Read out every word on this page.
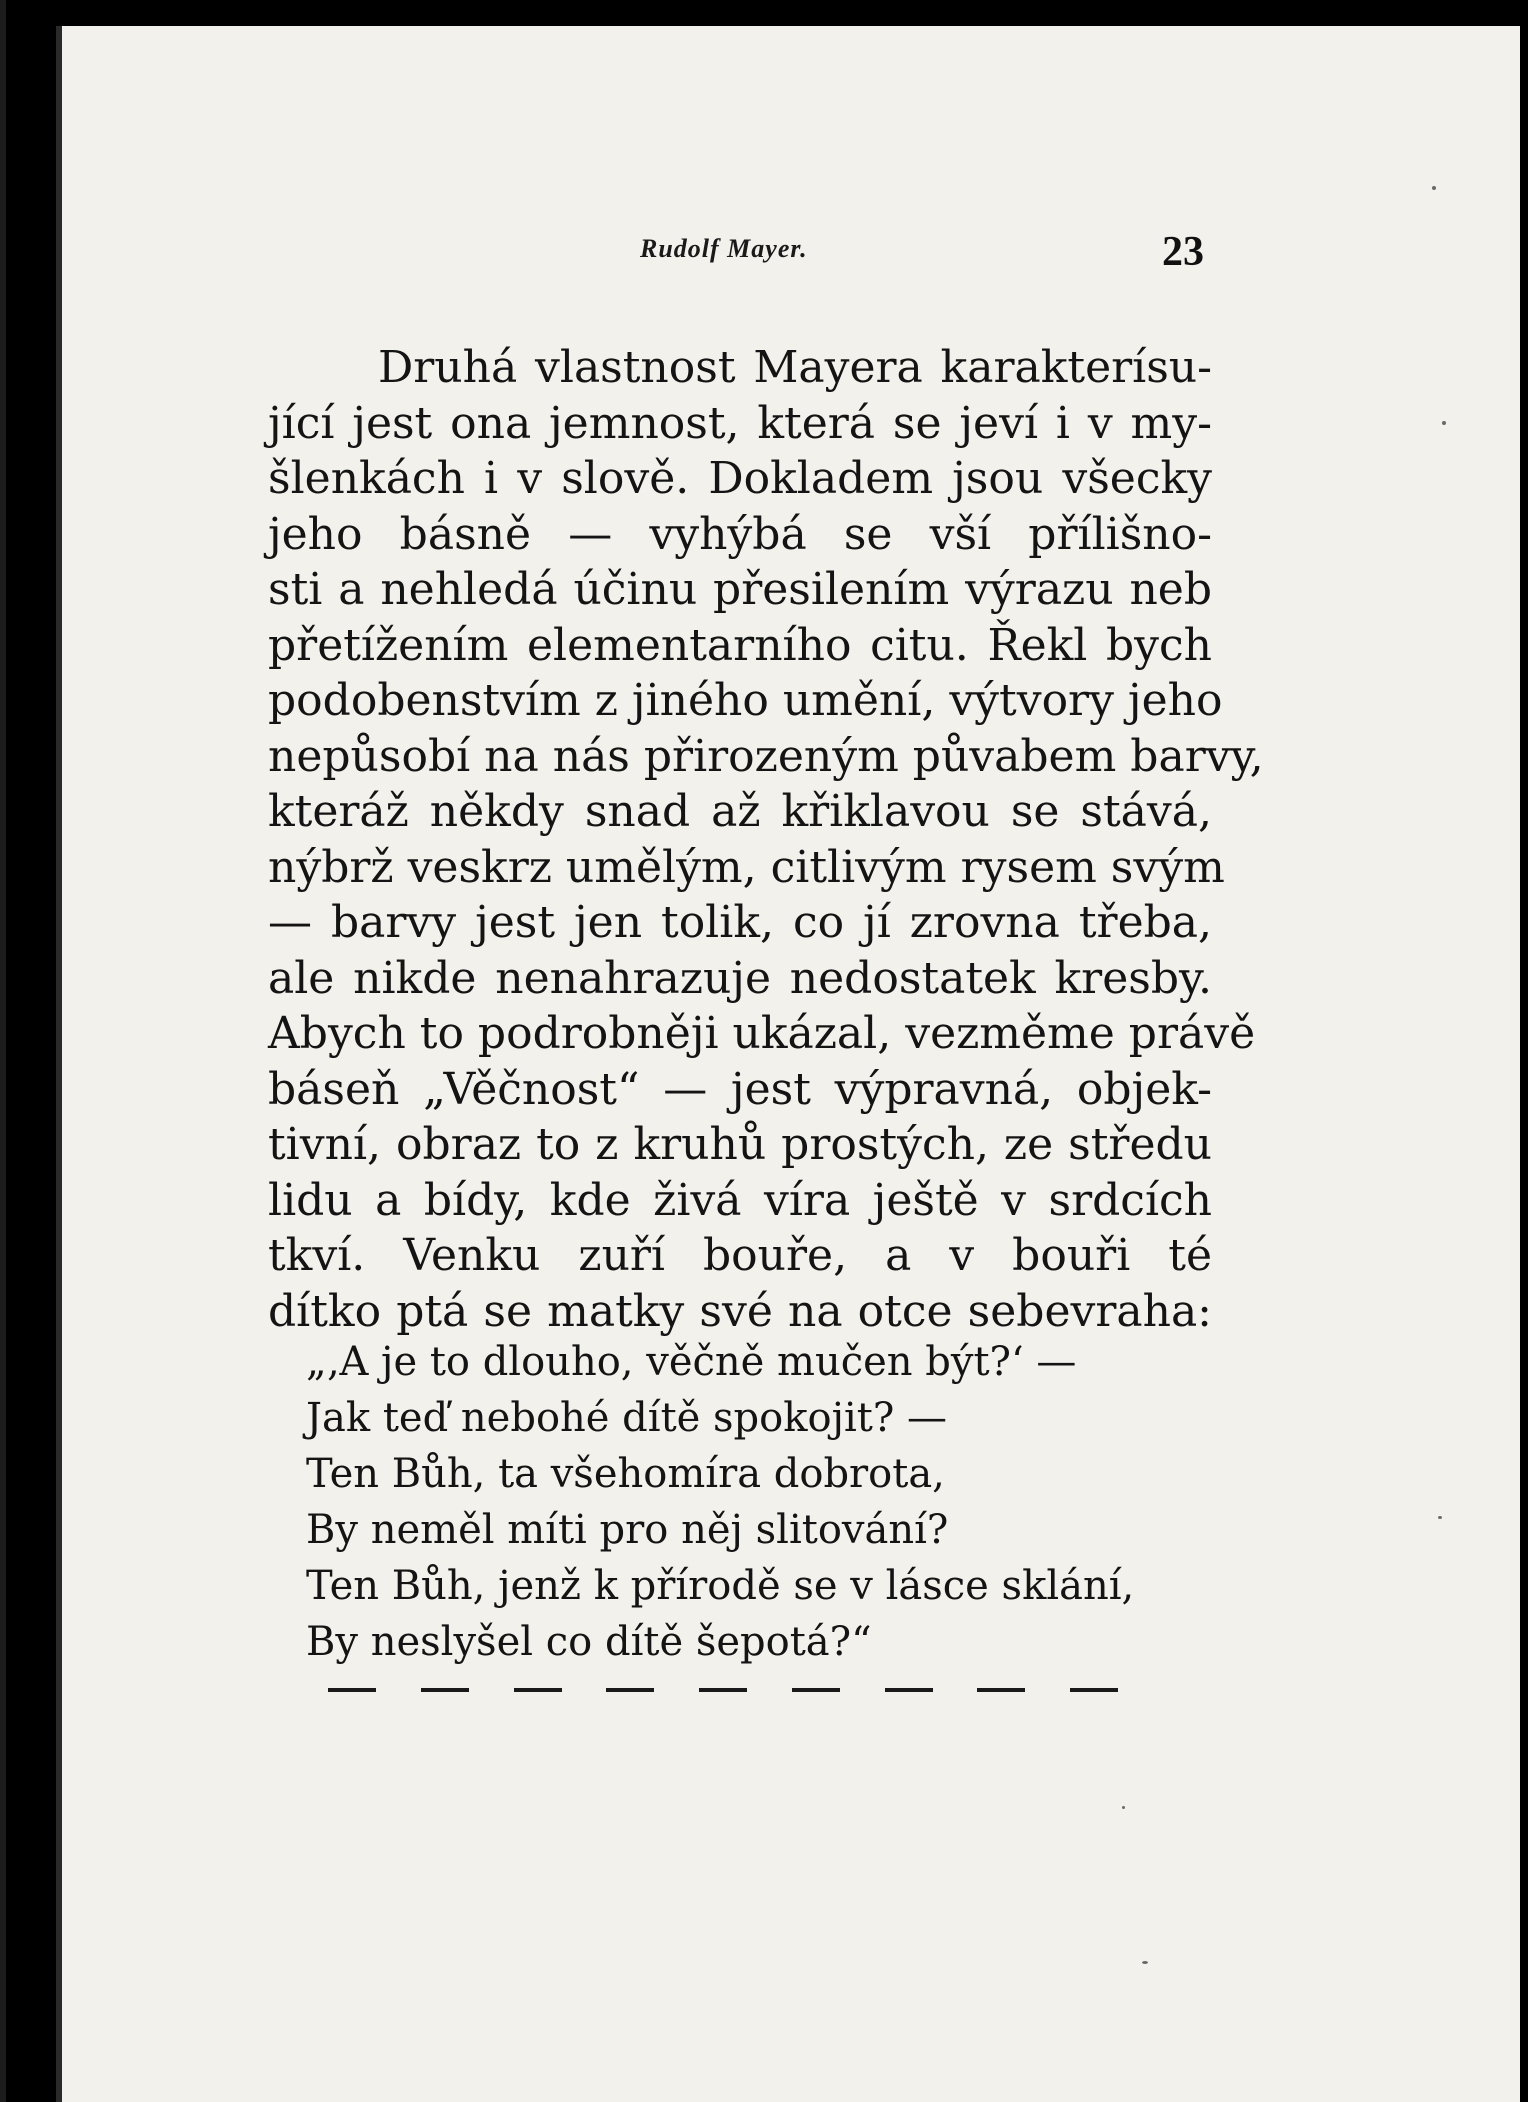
Rudolf Mayer.	23
Druhá vlastnost Mayera karakterísu-
jící jest ona jemnost, která se jeví i v my-
šlenkách i v slově. Dokladem jsou všecky
jeho básně — vyhýbá se vší přílišno-
sti a nehledá účinu přesilením výrazu neb
přetížením elementarního citu. Řekl bych
podobenstvím z jiného umění, výtvory jeho
nepůsobí na nás přirozeným půvabem barvy,
kteráž někdy snad až křiklavou se stává,
nýbrž veskrz umělým, citlivým rysem svým
— barvy jest jen tolik, co jí zrovna třeba,
ale nikde nenahrazuje nedostatek kresby.
Abych to podrobněji ukázal, vezměme právě
báseň „Věčnost“ — jest výpravná, objek-
tivní, obraz to z kruhů prostých, ze středu
lidu a bídy, kde živá víra ještě v srdcích
tkví. Venku zuří bouře, a v bouři té
dítko ptá se matky své na otce sebevraha:
„‚A je to dlouho, věčně mučen být?‘ —
Jak teď nebohé dítě spokojit? —
Ten Bůh, ta všehomíra dobrota,
By neměl míti pro něj slitování?
Ten Bůh, jenž k přírodě se v lásce sklání,
By neslyšel co dítě šepotá?“
